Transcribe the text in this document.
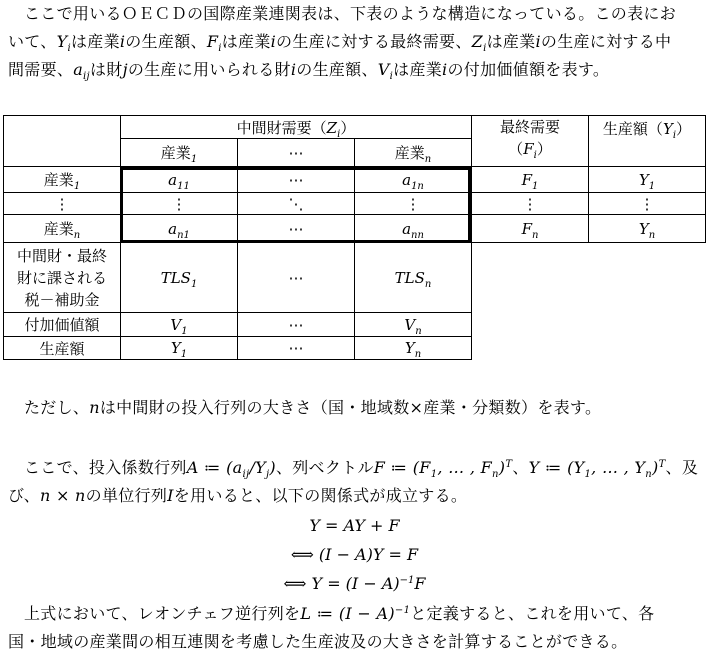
ここで用いるＯＥＣＤの国際産業連関表は、下表のような構造になっている。この表にお
いて、$Y_i$は産業iの生産額、$F_i$は産業iの生産に対する最終需要、$Z_i$は産業iの生産に対する中
間需要、$a_{ij}$は財jの生産に用いられる財iの生産額、$V_i$は産業iの付加価値額を表す。
	中間財需要$(Z_i)$			最終需要
$(F_i)$	生産額$(Y_i)$
	産業$_1$	⋯	産業$_n$
産業$_1$	$a_{11}$	⋯	$a_{1n}$	$F_1$	$Y_1$
⋮	⋮	⋱	⋮	⋮	⋮
産業$_n$	$a_{n1}$	⋯	$a_{nn}$	$F_n$	$Y_n$

中間財・最終
財に課される
税－補助金	$TLS_1$	⋯	$TLS_n$	
付加価値額	$V_1$	⋯	$V_n$	
生産額	$Y_1$	⋯	$Y_n$	
ただし、nは中間財の投入行列の大きさ（国・地域数×産業・分類数）を表す。
ここで、投入係数行列A ≔ $(a_{ij}/Y_j)$、列ベクトルF ≔ ($F_1$, … , $F_n)^T$、Y ≔ ($Y_1$, … , $Y_n)^T$、及
び、n × nの単位行列Iを用いると、以下の関係式が成立する。
Y = AY + F
⟺ (I − A)Y = F
⟺ $Y = (I - A)^{-1}F$
上式において、レオンチェフ逆行列をL ≔ $(I - A)^{-1}$と定義すると、これを用いて、各
国・地域の産業間の相互連関を考慮した生産波及の大きさを計算することができる。
